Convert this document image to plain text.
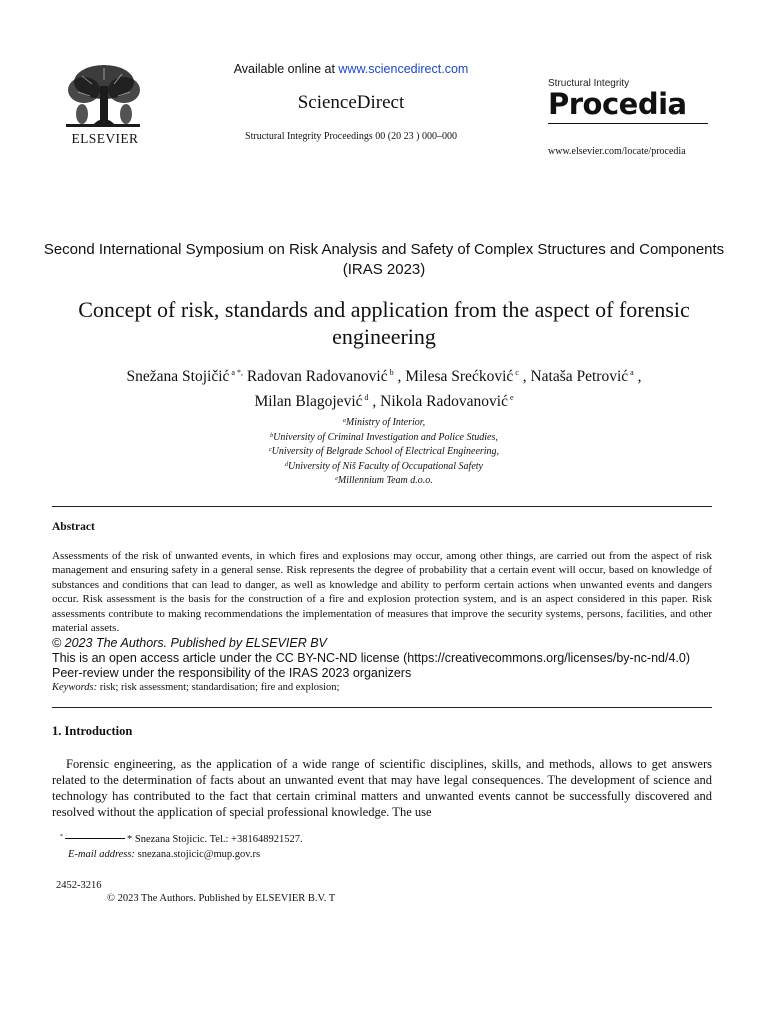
ELSEVIER
Available online at www.sciencedirect.com
ScienceDirect
Structural Integrity Proceedings 00 (20 23 ) 000–000
Structural Integrity
Procedia
www.elsevier.com/locate/procedia
Second International Symposium on Risk Analysis and Safety of Complex Structures and Components (IRAS 2023)
Concept of risk, standards and application from the aspect of forensic engineering
Snežana Stojičić $^{a *,}$ Radovan Radovanović $^b$ , Milesa Srećković $^c$ , Nataša Petrović $^a$ ,
Milan Blagojević $^d$ , Nikola Radovanović $^e$
$^a$Ministry of Interior,
$^b$University of Criminal Investigation and Police Studies,
$^c$University of Belgrade School of Electrical Engineering,
$^d$University of Niš Faculty of Occupational Safety
$^e$Millennium Team d.o.o.
Abstract
Assessments of the risk of unwanted events, in which fires and explosions may occur, among other things, are carried out from the aspect of risk management and ensuring safety in a general sense. Risk represents the degree of probability that a certain event will occur, based on knowledge of substances and conditions that can lead to danger, as well as knowledge and ability to perform certain actions when unwanted events and dangers occur. Risk assessment is the basis for the construction of a fire and explosion protection system, and is an aspect considered in this paper. Risk assessments contribute to making recommendations the implementation of measures that improve the security systems, persons, facilities, and other material assets.
© 2023 The Authors. Published by ELSEVIER BV
This is an open access article under the CC BY-NC-ND license (https://creativecommons.org/licenses/by-nc-nd/4.0)
Peer-review under the responsibility of the IRAS 2023 organizers
Keywords: risk; risk assessment; standardisation; fire and explosion;
1. Introduction
Forensic engineering, as the application of a wide range of scientific disciplines, skills, and methods, allows to get answers related to the determination of facts about an unwanted event that may have legal consequences. The development of science and technology has contributed to the fact that certain criminal matters and unwanted events cannot be successfully discovered and resolved without the application of special professional knowledge. The use
*	* Snezana Stojicic. Tel.: +381648921527.
E-mail address: snezana.stojicic@mup.gov.rs
2452-3216
© 2023 The Authors. Published by ELSEVIER B.V. T
